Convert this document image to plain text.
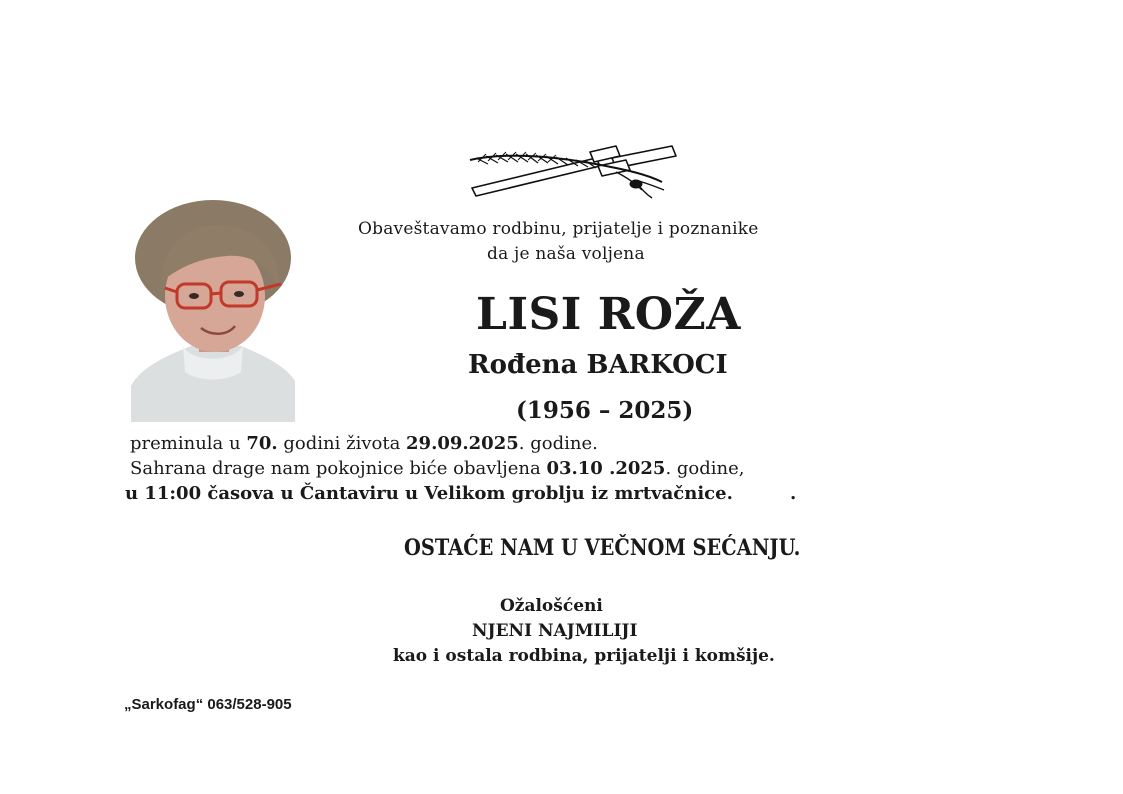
Obaveštavamo rodbinu, prijatelje i poznanike
da je naša voljena
LISI ROŽA
Rođena BARKOCI
(1956 – 2025)
preminula u 70. godini života 29.09.2025. godine.
Sahrana drage nam pokojnice biće obavljena 03.10 .2025. godine,
u 11:00 časova u Čantaviru u Velikom groblju iz mrtvačnice.	.
OSTAĆE NAM U VEČNOM SEĆANJU.
Ožalošćeni
NJENI NAJMILIJI
kao i ostala rodbina, prijatelji i komšije.
„Sarkofag“ 063/528-905
